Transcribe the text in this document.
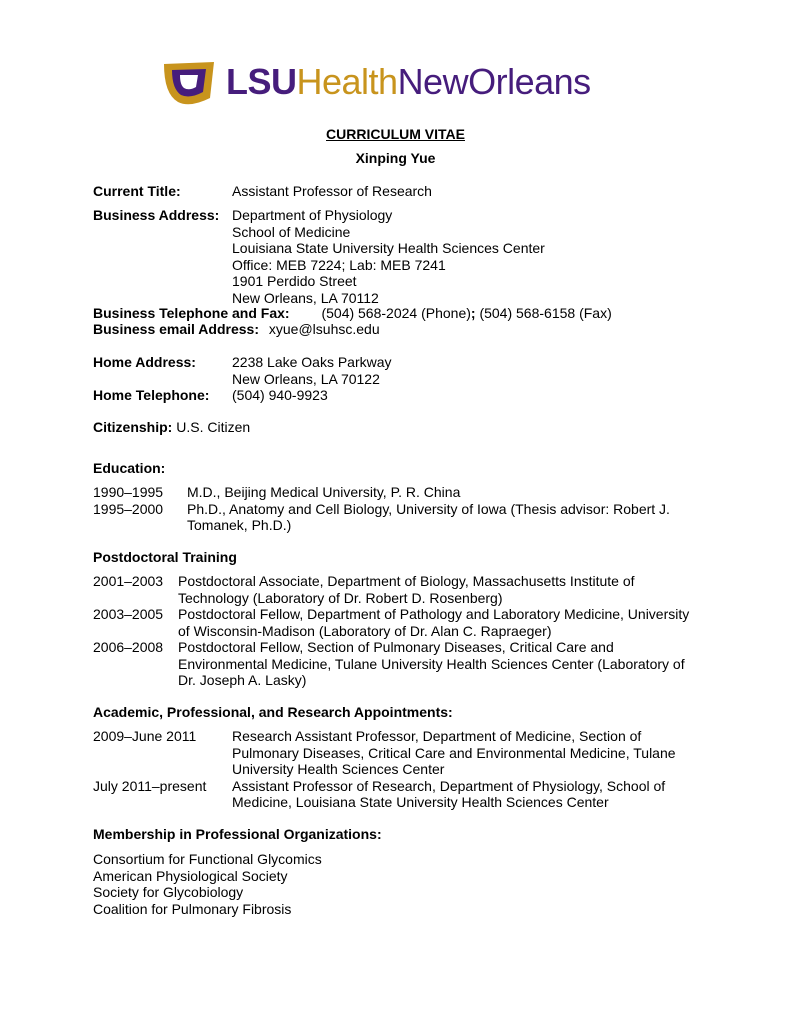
LSUHealthNewOrleans
CURRICULUM VITAE
Xinping Yue
Current Title:	Assistant Professor of Research
Business Address: Department of Physiology
School of Medicine
Louisiana State University Health Sciences Center
Office: MEB 7224; Lab: MEB 7241
1901 Perdido Street
New Orleans, LA 70112
Business Telephone and Fax: (504) 568-2024 (Phone); (504) 568-6158 (Fax)
Business email Address: xyue@lsuhsc.edu
Home Address:	2238 Lake Oaks Parkway
New Orleans, LA 70122
Home Telephone:	(504) 940-9923
Citizenship: U.S. Citizen
Education:
1990–1995	M.D., Beijing Medical University, P. R. China
1995–2000	Ph.D., Anatomy and Cell Biology, University of Iowa (Thesis advisor: Robert J. Tomanek, Ph.D.)
Postdoctoral Training
2001–2003	Postdoctoral Associate, Department of Biology, Massachusetts Institute of Technology (Laboratory of Dr. Robert D. Rosenberg)
2003–2005	Postdoctoral Fellow, Department of Pathology and Laboratory Medicine, University of Wisconsin-Madison (Laboratory of Dr. Alan C. Rapraeger)
2006–2008	Postdoctoral Fellow, Section of Pulmonary Diseases, Critical Care and Environmental Medicine, Tulane University Health Sciences Center (Laboratory of Dr. Joseph A. Lasky)
Academic, Professional, and Research Appointments:
2009–June 2011	Research Assistant Professor, Department of Medicine, Section of Pulmonary Diseases, Critical Care and Environmental Medicine, Tulane University Health Sciences Center
July 2011–present	Assistant Professor of Research, Department of Physiology, School of Medicine, Louisiana State University Health Sciences Center
Membership in Professional Organizations:
Consortium for Functional Glycomics
American Physiological Society
Society for Glycobiology
Coalition for Pulmonary Fibrosis
